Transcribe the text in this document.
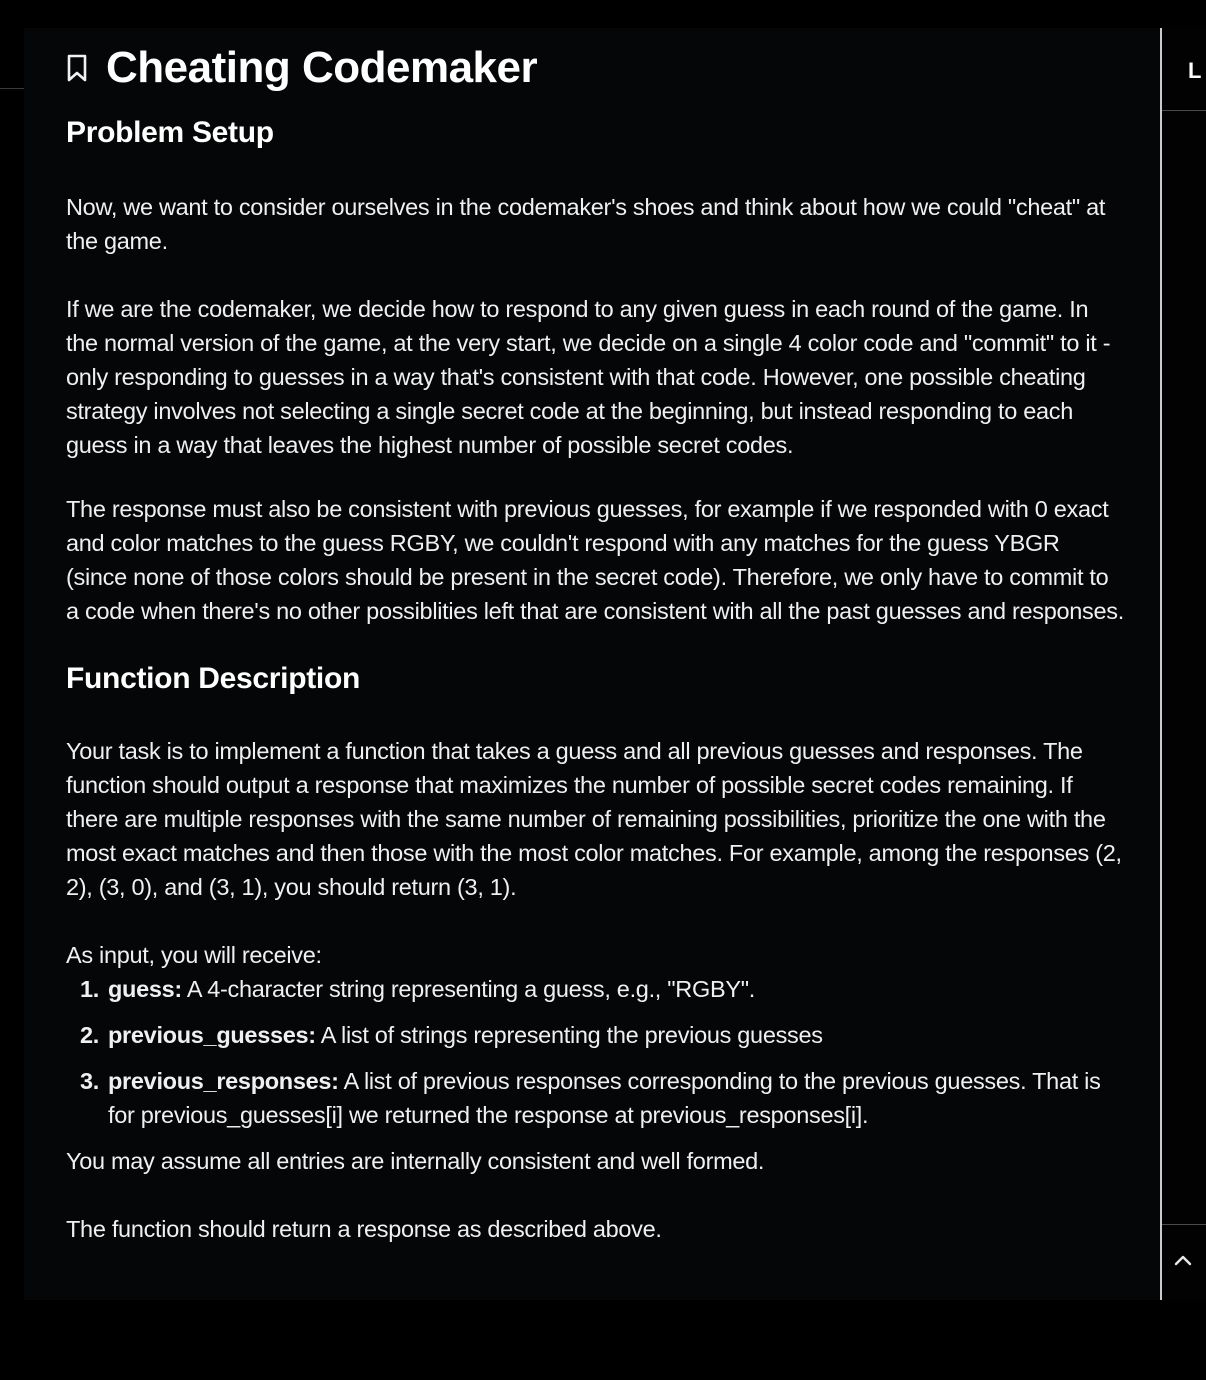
Cheating Codemaker
Problem Setup

Now, we want to consider ourselves in the codemaker's shoes and think about how we could "cheat" at the game.

If we are the codemaker, we decide how to respond to any given guess in each round of the game. In the normal version of the game, at the very start, we decide on a single 4 color code and "commit" to it - only responding to guesses in a way that's consistent with that code. However, one possible cheating strategy involves not selecting a single secret code at the beginning, but instead responding to each guess in a way that leaves the highest number of possible secret codes.

The response must also be consistent with previous guesses, for example if we responded with 0 exact and color matches to the guess RGBY, we couldn't respond with any matches for the guess YBGR (since none of those colors should be present in the secret code). Therefore, we only have to commit to a code when there's no other possiblities left that are consistent with all the past guesses and responses.

Function Description

Your task is to implement a function that takes a guess and all previous guesses and responses. The function should output a response that maximizes the number of possible secret codes remaining. If there are multiple responses with the same number of remaining possibilities, prioritize the one with the most exact matches and then those with the most color matches. For example, among the responses (2, 2), (3, 0), and (3, 1), you should return (3, 1).

As input, you will receive:

1. guess: A 4-character string representing a guess, e.g., "RGBY".
2. previous_guesses: A list of strings representing the previous guesses
3. previous_responses: A list of previous responses corresponding to the previous guesses. That is for previous_guesses[i] we returned the response at previous_responses[i].

You may assume all entries are internally consistent and well formed.

The function should return a response as described above.

L
